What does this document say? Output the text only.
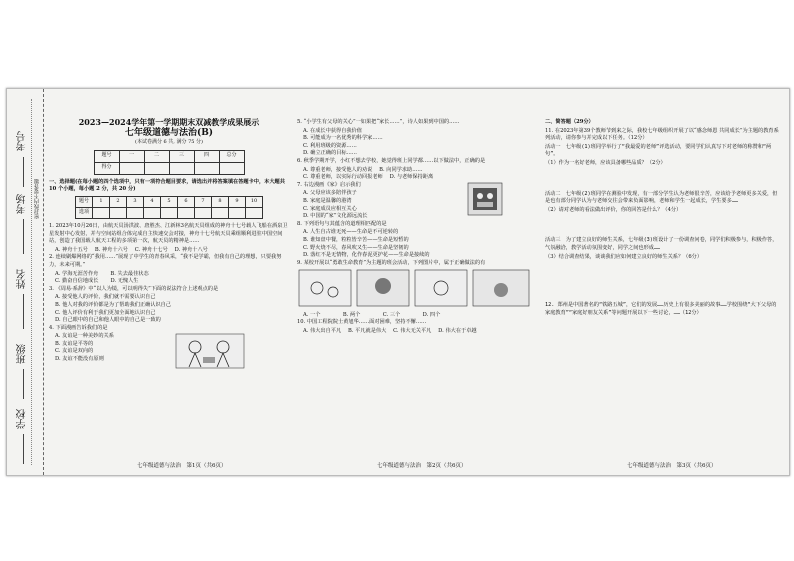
考号
考场
姓名
班级
学校
密封线内不要答题
2023—2024学年第一学期期末双减教学成果展示
七年级道德与法治(B)
(本试卷满分 6 共, 满分 75 分)
题号	一	二	三	四	总分
得分					
一、选择题(在每小题的四个选项中，只有一项符合题目要求，请选出并将答案填在答题卡中，本大题共 10 个小题，每小题 2 分，共 20 分)
题号	1	2	3	4	5	6	7	8	9	10
选项										
1. 2023年10月26日，由航天员汤洪波、唐胜杰、江新林3名航天员组成的神舟十七号载人飞船在酒泉卫星发射中心发射，并与空间站组合体完成自主快速交会对接，神舟十七号航天员乘组顺利进驻中国空间站，创造了我国载人航天工程的多项第一次，航天员的精神是……
A. 神舟十五号　 B. 神舟十六号　 C. 神舟十七号　 D. 神舟十八号
2. 连续刷爆网络的“我用……”展现了中学生的青春风采，“我不是学霸，但我有自己的理想，只要我努力，未来可期。”
A. 学海无涯苦作舟　　 B. 失去最佳状态
C. 勤奋自信地成长　　 D. 无愧人生
3. 《周易·系辞》中“以人为镜，可以明得失”下面的说法符合上述观点的是
A. 接受他人的评价，我们就不需要认识自己
B. 他人对我的评价都是为了帮助我们正确认识自己
C. 他人评价有利于我们更加全面地认识自己
D. 自己眼中的自己和他人眼中的自己是一致的
4. 下面漫画告诉我们的是
A. 友谊是一种美妙的关系
B. 友谊是平等的
C. 友谊是双向的
D. 友谊不能没有原则
5. “小学生有父母的关心”一如果把“家长……”，诗人如果到中国的……
A. 在成长中获得自我价值
B. 可能成为一名优秀的科学家……
C. 利用班级的资源……
D. 确立正确的目标……
6. 秋季学期开学，小红不想去学校，她觉得班上同学都……以下做法中，正确的是
A. 尊重老师，接受他人的劝说　 B. 向同学求助……
C. 尊重老师，以实际行动回报老师　 D. 与老师保持距离
7. 右边漫画《家》启示我们
A. 父母应该多陪伴孩子
B. 家庭是温馨的港湾
C. 家庭成员应相互关心
D. 中国的“家”文化源远流长
8. 下列语句与其蕴含的道理相匹配的是
A. 人生自古谁无死——生命是不可逆转的
B. 谁知盘中餐，粒粒皆辛苦——生命是短暂的
C. 野火烧不尽，春风吹又生——生命是坚韧的
D. 落红不是无情物，化作春泥更护花——生命是接续的
9. 某校开展以“勇敢生命教育”为主题的班会活动，下列图片中，属于正确做法的有
A. 一个　　　　	B. 两个　　　　	C. 三个　　　　	D. 四个
10. 中国工程院院士黄旭华……面对困难，坚持不懈……
A. 伟大出自平凡　 B. 平凡就是伟大　 C. 伟大无关平凡　 D. 伟大在于卓越
二、简答题（29分）
11. 在2023年第39个教师节到来之际，我校七年级组织开展了以“感念师恩 共同成长”为主题的教育系列活动，请你参与并完成以下任务。（12分）
活动一　七年级(1)班同学举行了“我最爱的老师”评选活动，要同学们认真写下对老师的称赞和“两句”。
（1）作为一名好老师，应该具备哪些品质？（2分）
活动二　七年级(2)班同学在测验中发现，有一部分学生认为老师很辛苦，应该给予老师更多关爱，但是也有部分同学认为与老师交往会带来负面影响，老师和学生一起成长，学生要多……
（2）请对老师的看法做出评价，你的回答是什么？（4分）
活动三　为了建立良好的师生关系，七年级(3)班设计了一份调查问卷，同学们积极参与，积极作答，气氛融洽，教学活动氛围变好，同学之间也形成……
（3）结合调查结果，谈谈我们应如何建立良好的师生关系？（6分）
12. 郑州是中国著名的“铁路五城”，它们的发展……历史上有很多美丽的故事……学校围绕“大下父母的家庭教育”“家庭好朋友关系”等问题开展以下一些讨论，……（12分）
七年级道德与法治　第1页（共6页）	七年级道德与法治　第2页（共6页）	七年级道德与法治　第3页（共6页）
